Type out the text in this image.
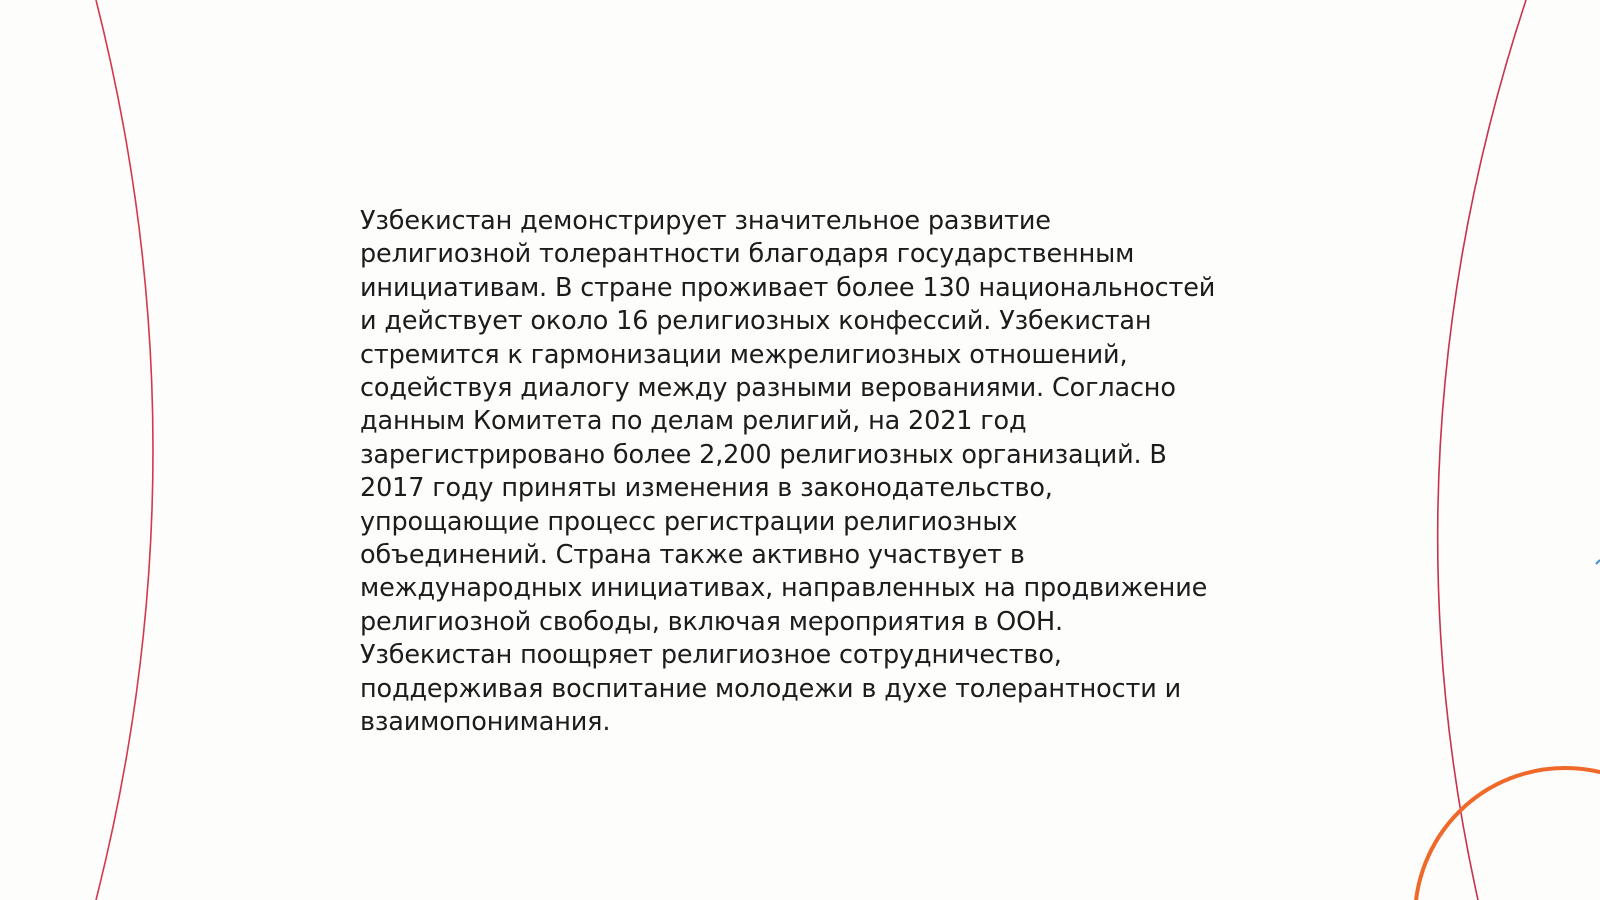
Узбекистан демонстрирует значительное развитие
религиозной толерантности благодаря государственным
инициативам. В стране проживает более 130 национальностей
и действует около 16 религиозных конфессий. Узбекистан
стремится к гармонизации межрелигиозных отношений,
содействуя диалогу между разными верованиями. Согласно
данным Комитета по делам религий, на 2021 год
зарегистрировано более 2,200 религиозных организаций. В
2017 году приняты изменения в законодательство,
упрощающие процесс регистрации религиозных
объединений. Страна также активно участвует в
международных инициативах, направленных на продвижение
религиозной свободы, включая мероприятия в ООН.
Узбекистан поощряет религиозное сотрудничество,
поддерживая воспитание молодежи в духе толерантности и
взаимопонимания.
